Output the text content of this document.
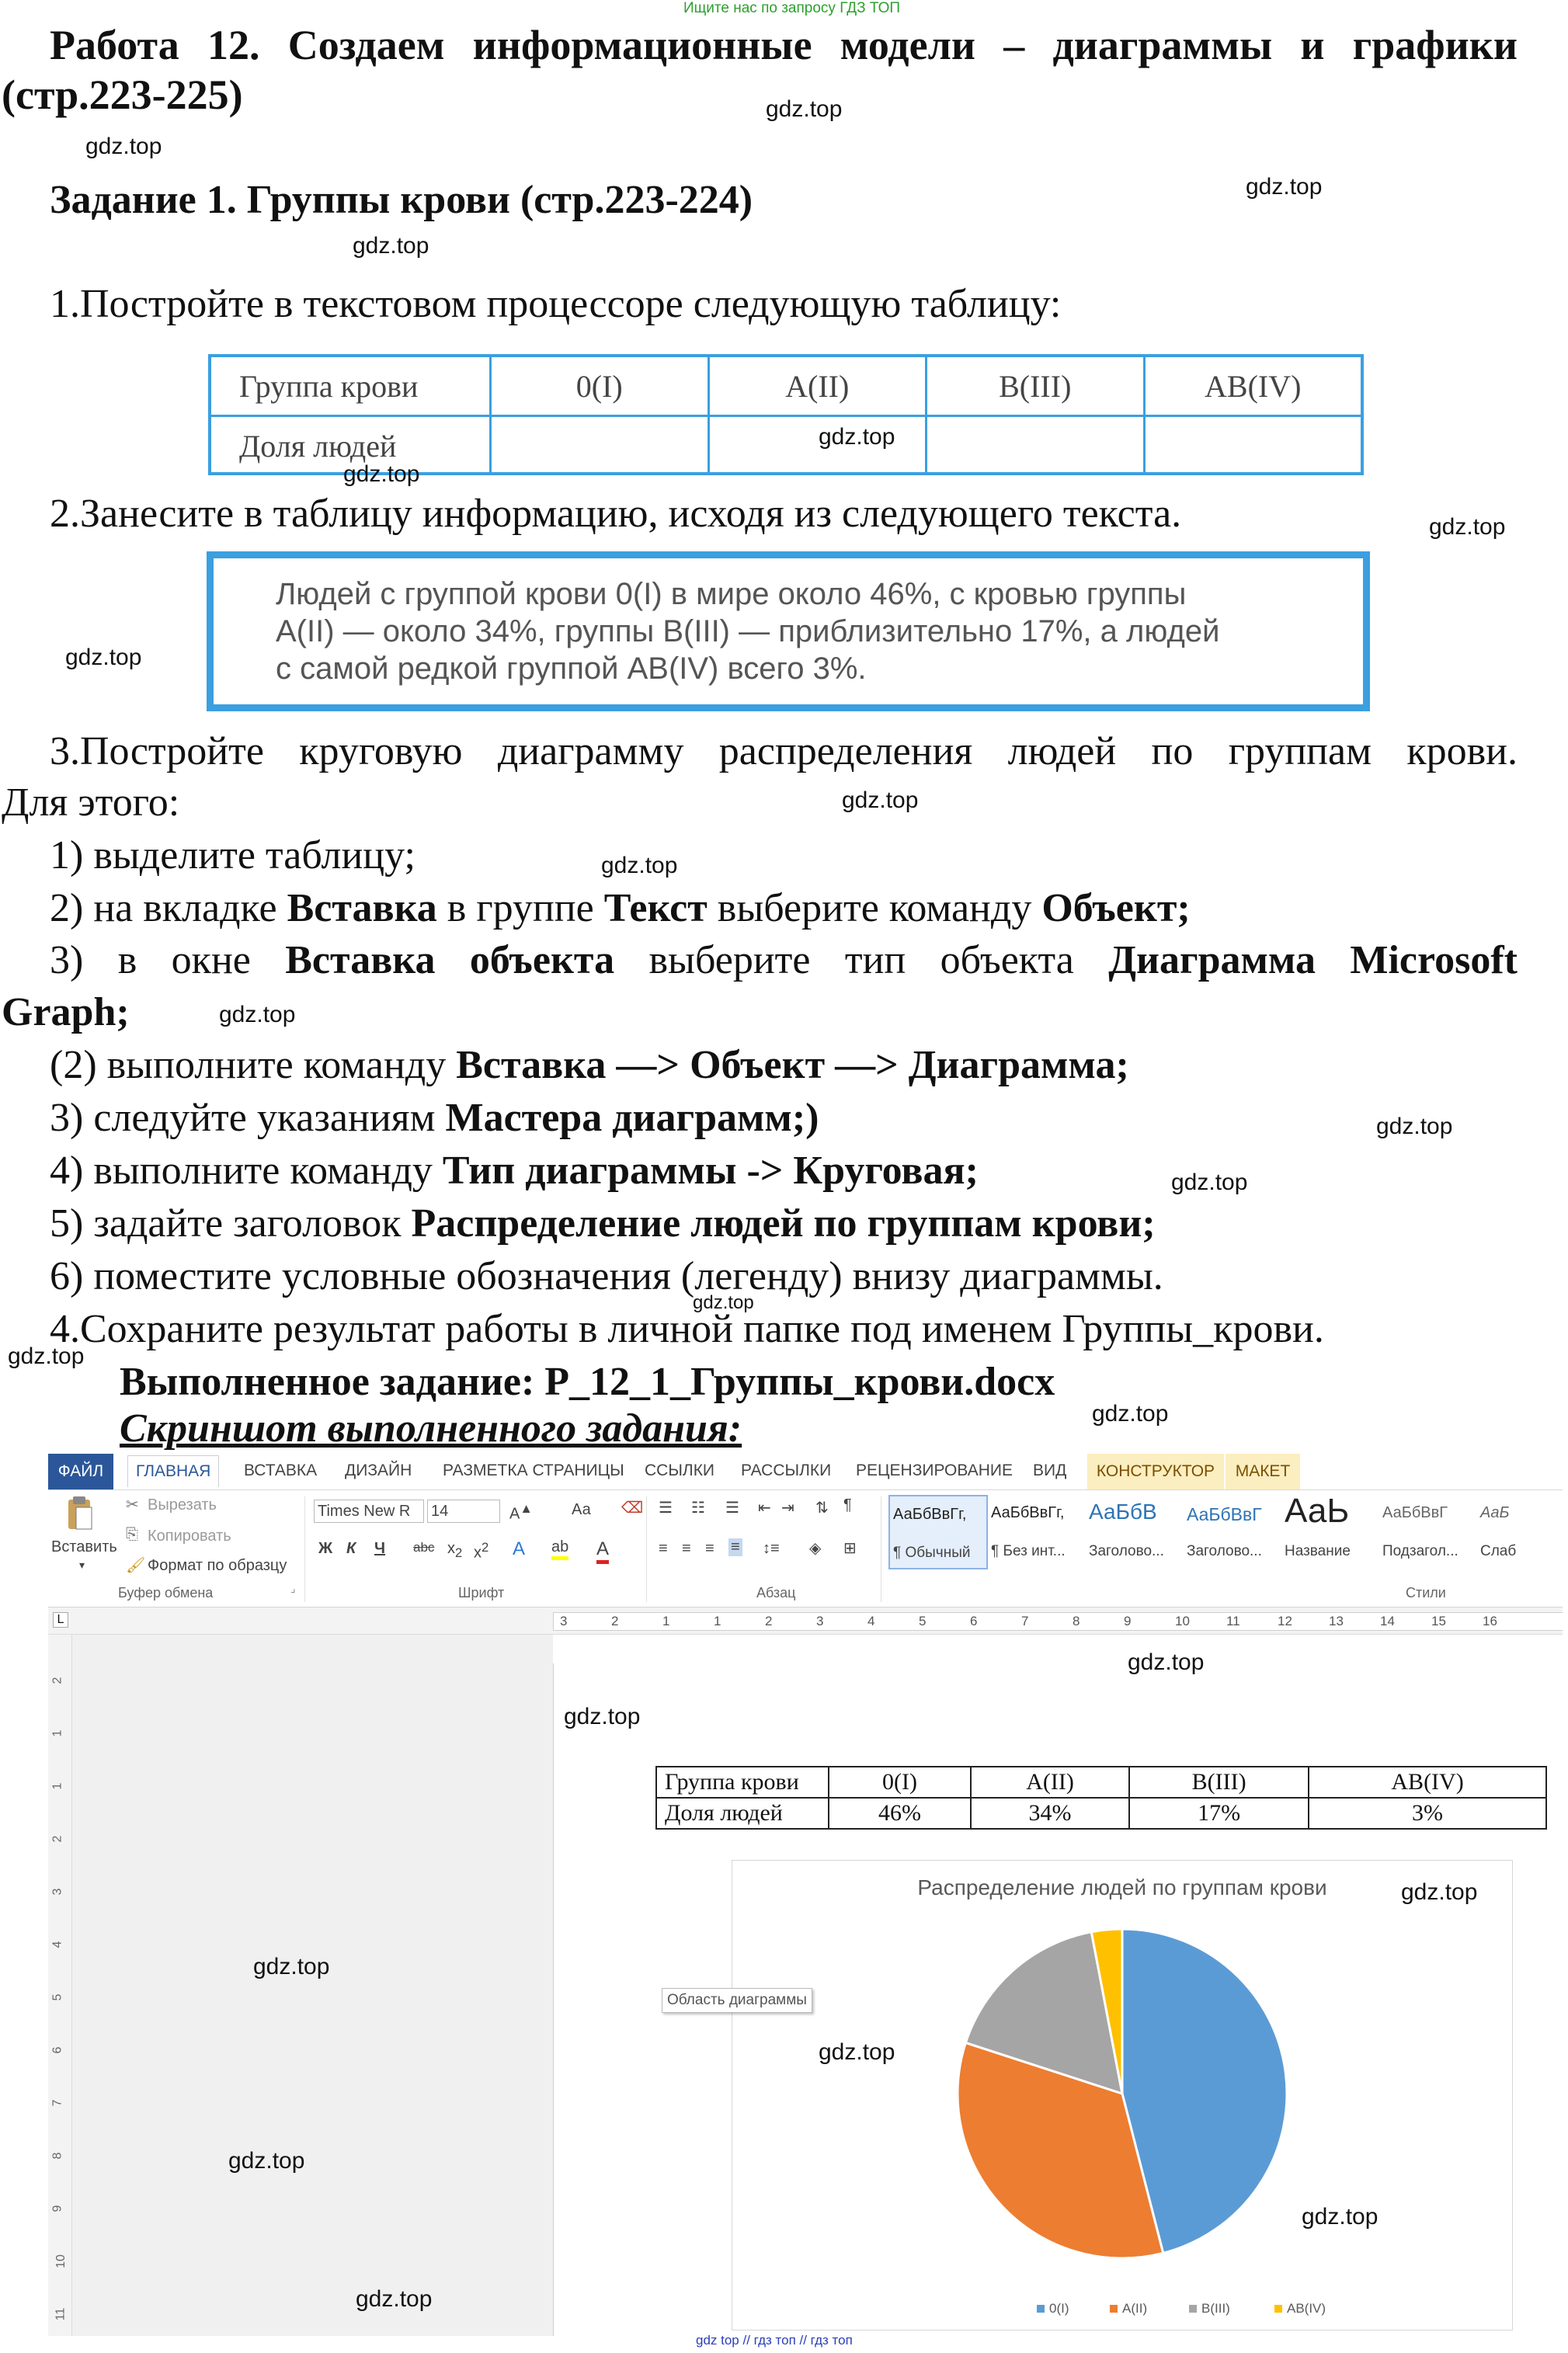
Ищите нас по запросу ГДЗ ТОП
Работа 12. Создаем информационные модели – диаграммы и графики
(стр.223-225)
Задание 1. Группы крови (стр.223-224)
1.Постройте в текстовом процессоре следующую таблицу:
Группа крови	0(I)	A(II)	B(III)	AB(IV)
Доля людей
2.Занесите в таблицу информацию, исходя из следующего текста.
Людей с группой крови 0(I) в мире около 46%, с кровью группы
A(II) — около 34%, группы B(III) — приблизительно 17%, а людей
с самой редкой группой AB(IV) всего 3%.
3.Постройте круговую диаграмму распределения людей по группам крови.
Для этого:
1) выделите таблицу;
2) на вкладке Вставка в группе Текст выберите команду Объект;
3) в окне Вставка объекта выберите тип объекта Диаграмма Microsoft
Graph;
(2) выполните команду Вставка —> Объект —> Диаграмма;
3) следуйте указаниям Мастера диаграмм;)
4) выполните команду Тип диаграммы -> Круговая;
5) задайте заголовок Распределение людей по группам крови;
6) поместите условные обозначения (легенду) внизу диаграммы.
4.Сохраните результат работы в личной папке под именем Группы_крови.
Выполненное задание: Р_12_1_Группы_крови.docx
Скриншот выполненного задания:
ФАЙЛ	ГЛАВНАЯ	ВСТАВКА ДИЗАЙН РАЗМЕТКА СТРАНИЦЫ ССЫЛКИ РАССЫЛКИ РЕЦЕНЗИРОВАНИЕ ВИД	КОНСТРУКТОР	МАКЕТ
Вставить
▾
✂ Вырезать
⎘ Копировать
🖌 Формат по образцу
Буфер обмена	⌟
Times New R	14	A▲	Аа ⌫
Ж К Ч abc $x_2$ $x^2$ A ab A
Шрифт
☰ ☷ ☰ ⇤ ⇥ ⇅ ¶
≡ ≡ ≡ ≡ ↕≡ ◈ ⊞
Абзац
АаБбВвГг,
¶ Обычный
АаБбВвГг,
¶ Без инт...
АаБбВ
Заголово...
АаБбВвГ
Заголово...
АаЬ
Название
АаБбВвГ
Подзагол...
АаБ
Слаб
Стили
L	3	2	1	1	2	3	4	5	6	7	8	9	10	11	12	13	14	15	16
2
1
1
2
3
4
5
6
7
8
9
10
11
Группа крови	0(I)	A(II)	B(III)	AB(IV)
Доля людей	46%	34%	17%	3%
Распределение людей по группам крови
0(I)	A(II)	B(III)	AB(IV)
Область диаграммы
gdz.top
gdz.top
gdz.top
gdz.top
gdz.top
gdz.top
gdz.top
gdz.top
gdz.top
gdz.top
gdz.top
gdz.top
gdz.top
gdz.top
gdz.top
gdz.top
gdz.top
gdz.top
gdz.top
gdz.top
gdz.top
gdz.top
gdz.top
gdz.top
gdz top // гдз топ // гдз топ
